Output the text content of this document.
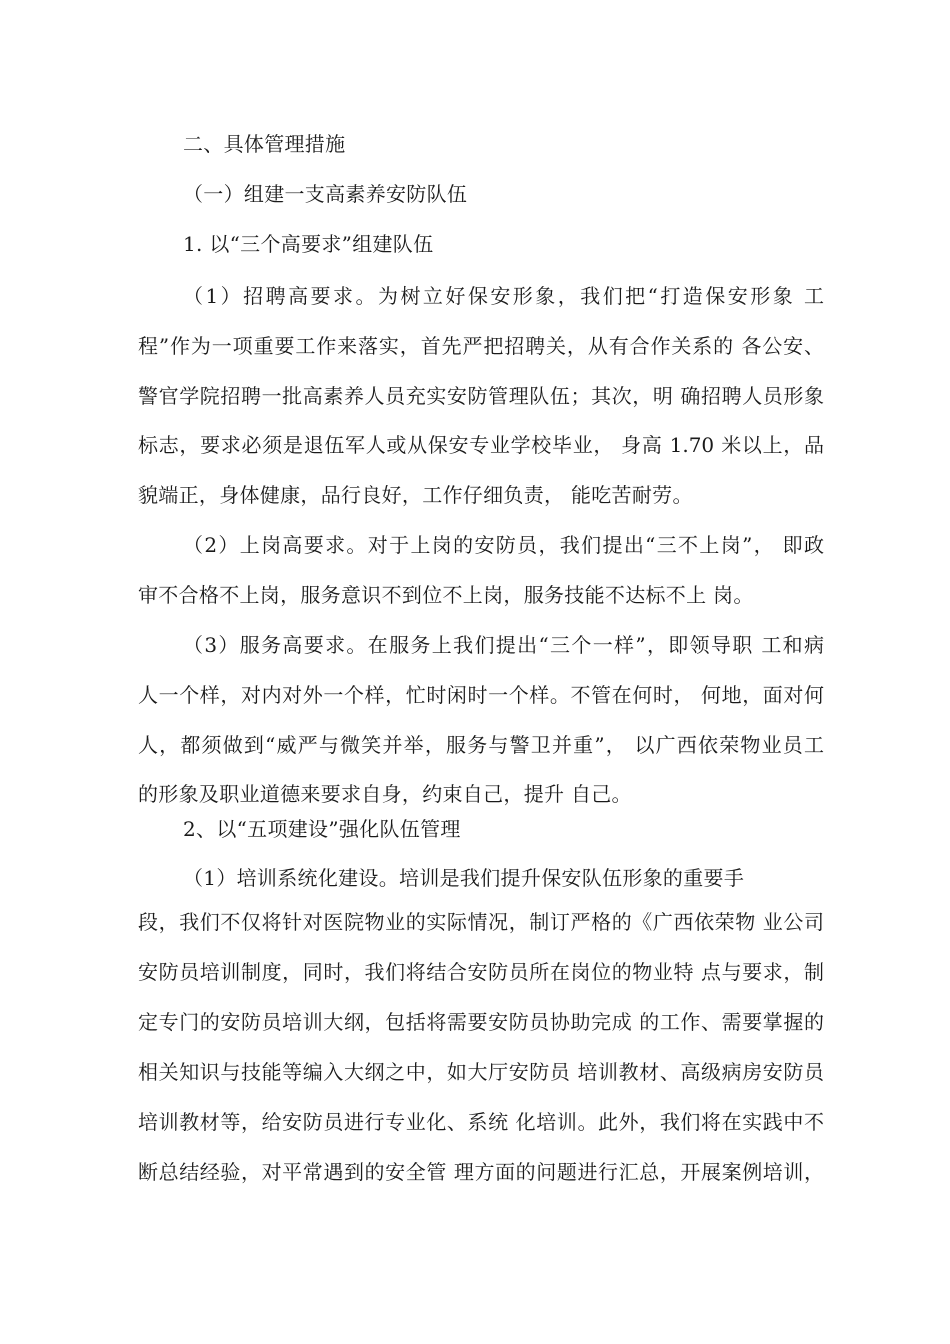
二、具体管理措施

（一）组建一支高素养安防队伍

1. 以“三个高要求”组建队伍

（1）招聘高要求。为树立好保安形象，我们把“打造保安形象 工

程”作为一项重要工作来落实，首先严把招聘关，从有合作关系的 各公安、

警官学院招聘一批高素养人员充实安防管理队伍；其次，明 确招聘人员形象

标志，要求必须是退伍军人或从保安专业学校毕业， 身高 1.70 米以上，品

貌端正，身体健康，品行良好，工作仔细负责， 能吃苦耐劳。

（2）上岗高要求。对于上岗的安防员，我们提出“三不上岗”， 即政

审不合格不上岗，服务意识不到位不上岗，服务技能不达标不上 岗。

（3）服务高要求。在服务上我们提出“三个一样”，即领导职 工和病

人一个样，对内对外一个样，忙时闲时一个样。不管在何时， 何地，面对何

人，都须做到“威严与微笑并举，服务与警卫并重”， 以广西依荣物业员工

的形象及职业道德来要求自身，约束自己，提升 自己。

2、以“五项建设”强化队伍管理

（1）培训系统化建设。培训是我们提升保安队伍形象的重要手

段，我们不仅将针对医院物业的实际情况，制订严格的《广西依荣物 业公司

安防员培训制度，同时，我们将结合安防员所在岗位的物业特 点与要求，制

定专门的安防员培训大纲，包括将需要安防员协助完成 的工作、需要掌握的

相关知识与技能等编入大纲之中，如大厅安防员 培训教材、高级病房安防员

培训教材等，给安防员进行专业化、系统 化培训。此外，我们将在实践中不

断总结经验，对平常遇到的安全管 理方面的问题进行汇总，开展案例培训，
